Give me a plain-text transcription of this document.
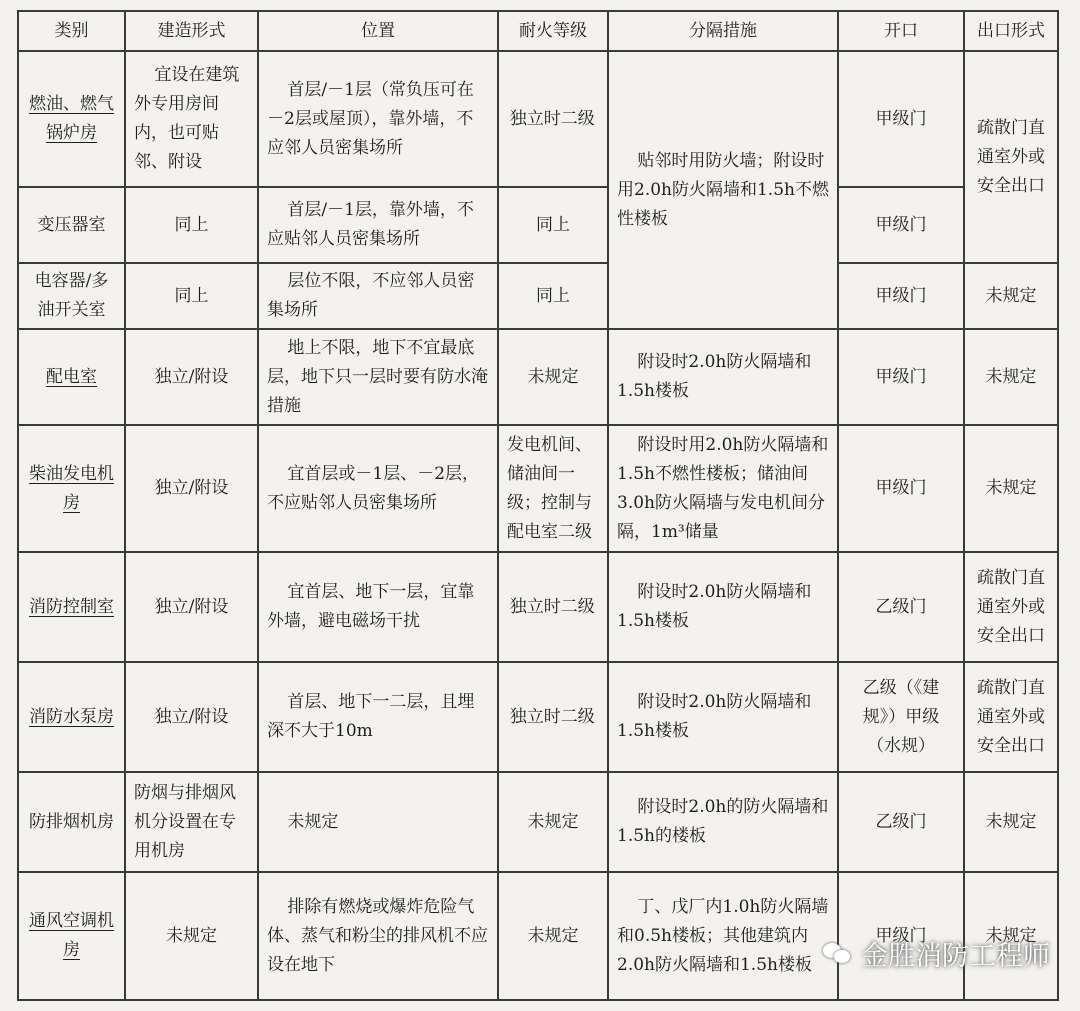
类别	建造形式	位置	耐火等级	分隔措施	开口	出口形式
燃油、燃气锅炉房	宜设在建筑外专用房间内，也可贴邻、附设	首层/－1层（常负压可在－2层或屋顶），靠外墙，不应邻人员密集场所	独立时二级	贴邻时用防火墙；附设时用2.0h防火隔墙和1.5h不燃性楼板	甲级门	疏散门直通室外或安全出口
变压器室	同上	首层/－1层，靠外墙，不应贴邻人员密集场所	同上		甲级门	
电容器/多油开关室	同上	层位不限，不应邻人员密集场所	同上		甲级门	未规定
配电室	独立/附设	地上不限，地下不宜最底层，地下只一层时要有防水淹措施	未规定	附设时2.0h防火隔墙和1.5h楼板	甲级门	未规定
柴油发电机房	独立/附设	宜首层或－1层、－2层，不应贴邻人员密集场所	发电机间、储油间一级；控制与配电室二级	附设时用2.0h防火隔墙和1.5h不燃性楼板；储油间3.0h防火隔墙与发电机间分隔，1m³储量	甲级门	未规定
消防控制室	独立/附设	宜首层、地下一层，宜靠外墙，避电磁场干扰	独立时二级	附设时2.0h防火隔墙和1.5h楼板	乙级门	疏散门直通室外或安全出口
消防水泵房	独立/附设	首层、地下一二层，且埋深不大于10m	独立时二级	附设时2.0h防火隔墙和1.5h楼板	乙级（《建规》）甲级（水规）	疏散门直通室外或安全出口
防排烟机房	防烟与排烟风机分设置在专用机房	未规定	未规定	附设时2.0h的防火隔墙和1.5h的楼板	乙级门	未规定
通风空调机房	未规定	排除有燃烧或爆炸危险气体、蒸气和粉尘的排风机不应设在地下	未规定	丁、戊厂内1.0h防火隔墙和0.5h楼板；其他建筑内2.0h防火隔墙和1.5h楼板	甲级门	未规定
金胜消防工程师
